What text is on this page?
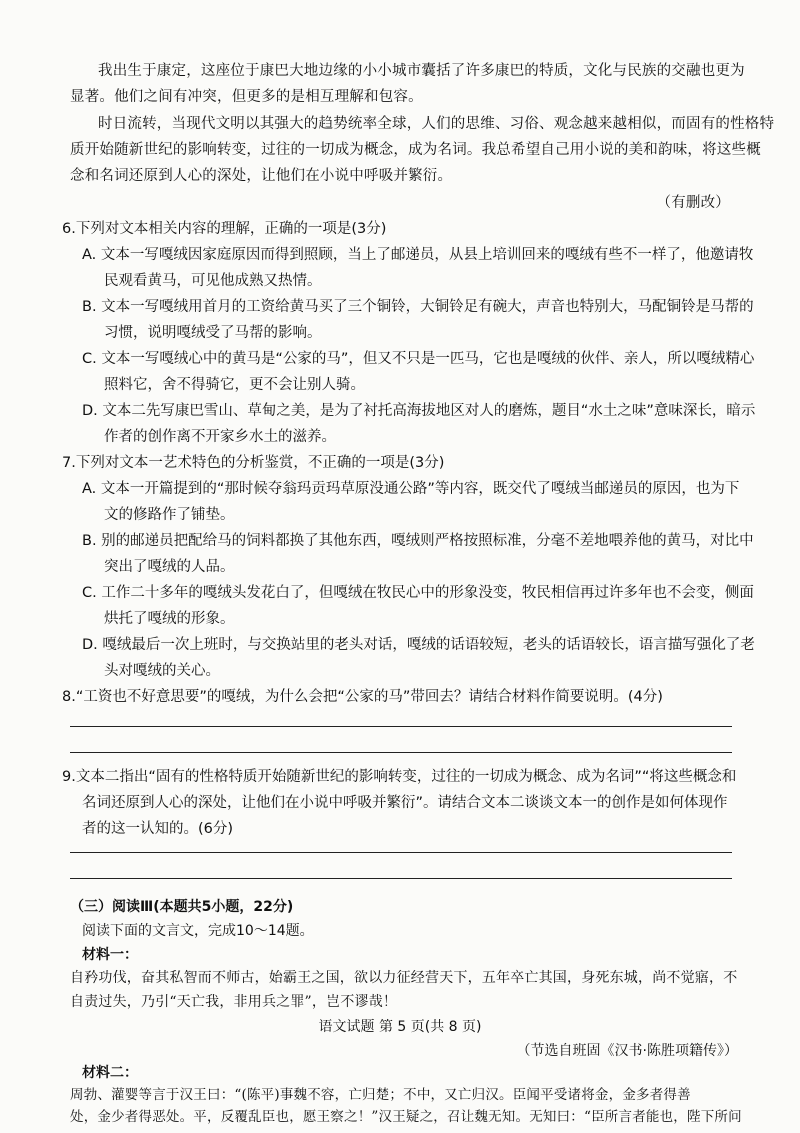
我出生于康定，这座位于康巴大地边缘的小小城市囊括了许多康巴的特质，文化与民族的交融也更为

显著。他们之间有冲突，但更多的是相互理解和包容。

时日流转，当现代文明以其强大的趋势统率全球，人们的思维、习俗、观念越来越相似，而固有的性格特

质开始随新世纪的影响转变，过往的一切成为概念，成为名词。我总希望自己用小说的美和韵味，将这些概

念和名词还原到人心的深处，让他们在小说中呼吸并繁衍。

（有删改）

6.下列对文本相关内容的理解，正确的一项是(3分)

A. 文本一写嘎绒因家庭原因而得到照顾，当上了邮递员，从县上培训回来的嘎绒有些不一样了，他邀请牧

民观看黄马，可见他成熟又热情。

B. 文本一写嘎绒用首月的工资给黄马买了三个铜铃，大铜铃足有碗大，声音也特别大，马配铜铃是马帮的

习惯，说明嘎绒受了马帮的影响。

C. 文本一写嘎绒心中的黄马是“公家的马”，但又不只是一匹马，它也是嘎绒的伙伴、亲人，所以嘎绒精心

照料它，舍不得骑它，更不会让别人骑。

D. 文本二先写康巴雪山、草甸之美，是为了衬托高海拔地区对人的磨炼，题目“水土之味”意味深长，暗示

作者的创作离不开家乡水土的滋养。

7.下列对文本一艺术特色的分析鉴赏，不正确的一项是(3分)

A. 文本一开篇提到的“那时候夺翁玛贡玛草原没通公路”等内容，既交代了嘎绒当邮递员的原因，也为下

文的修路作了铺垫。

B. 别的邮递员把配给马的饲料都换了其他东西，嘎绒则严格按照标准，分毫不差地喂养他的黄马，对比中

突出了嘎绒的人品。

C. 工作二十多年的嘎绒头发花白了，但嘎绒在牧民心中的形象没变，牧民相信再过许多年也不会变，侧面

烘托了嘎绒的形象。

D. 嘎绒最后一次上班时，与交换站里的老头对话，嘎绒的话语较短，老头的话语较长，语言描写强化了老

头对嘎绒的关心。

8.“工资也不好意思要”的嘎绒，为什么会把“公家的马”带回去？请结合材料作简要说明。(4分)

9.文本二指出“固有的性格特质开始随新世纪的影响转变，过往的一切成为概念、成为名词”“将这些概念和

名词还原到人心的深处，让他们在小说中呼吸并繁衍”。请结合文本二谈谈文本一的创作是如何体现作

者的这一认知的。(6分)

（三）阅读Ⅲ(本题共5小题，22分)

阅读下面的文言文，完成10～14题。

材料一：

自矜功伐，奋其私智而不师古，始霸王之国，欲以力征经营天下，五年卒亡其国，身死东城，尚不觉寤，不

自责过失，乃引“天亡我，非用兵之罪”，岂不谬哉！

（节选自班固《汉书·陈胜项籍传》）

材料二：

周勃、灌婴等言于汉王曰：“(陈平)事魏不容，亡归楚；不中，又亡归汉。臣闻平受诸将金，金多者得善

处，金少者得恶处。平，反覆乱臣也，愿王察之！”汉王疑之，召让魏无知。无知曰：“臣所言者能也，陛下所问

语文试题 第 5 页(共 8 页)
